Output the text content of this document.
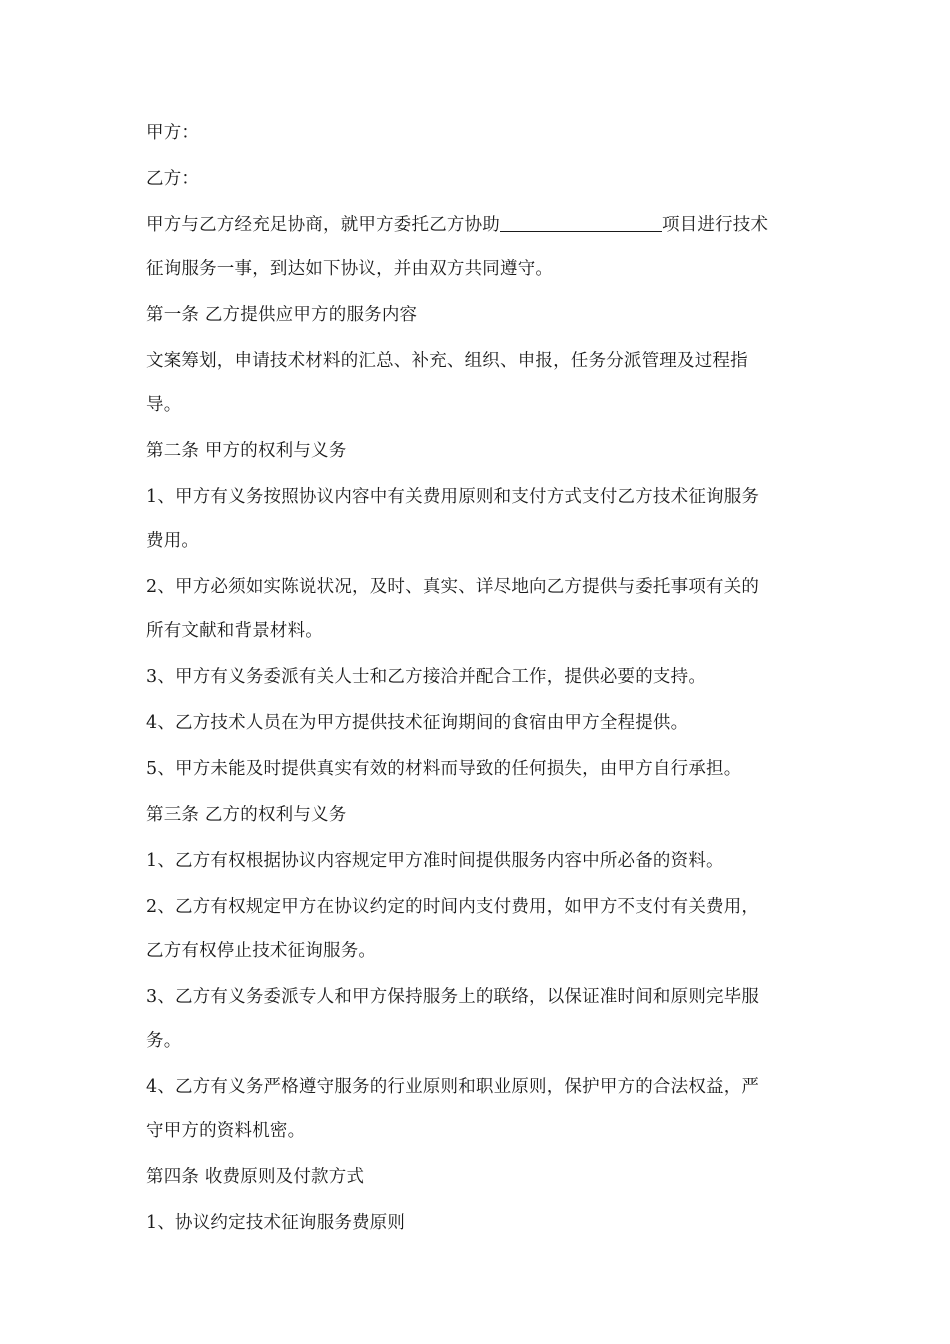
甲方：
乙方：
甲方与乙方经充足协商，就甲方委托乙方协助	项目进行技术
征询服务一事，到达如下协议，并由双方共同遵守。
第一条 乙方提供应甲方的服务内容
文案筹划，申请技术材料的汇总、补充、组织、申报，任务分派管理及过程指
导。
第二条 甲方的权利与义务
1、甲方有义务按照协议内容中有关费用原则和支付方式支付乙方技术征询服务
费用。
2、甲方必须如实陈说状况，及时、真实、详尽地向乙方提供与委托事项有关的
所有文献和背景材料。
3、甲方有义务委派有关人士和乙方接洽并配合工作，提供必要的支持。
4、乙方技术人员在为甲方提供技术征询期间的食宿由甲方全程提供。
5、甲方未能及时提供真实有效的材料而导致的任何损失，由甲方自行承担。
第三条 乙方的权利与义务
1、乙方有权根据协议内容规定甲方准时间提供服务内容中所必备的资料。
2、乙方有权规定甲方在协议约定的时间内支付费用，如甲方不支付有关费用，
乙方有权停止技术征询服务。
3、乙方有义务委派专人和甲方保持服务上的联络，以保证准时间和原则完毕服
务。
4、乙方有义务严格遵守服务的行业原则和职业原则，保护甲方的合法权益，严
守甲方的资料机密。
第四条 收费原则及付款方式
1、协议约定技术征询服务费原则
